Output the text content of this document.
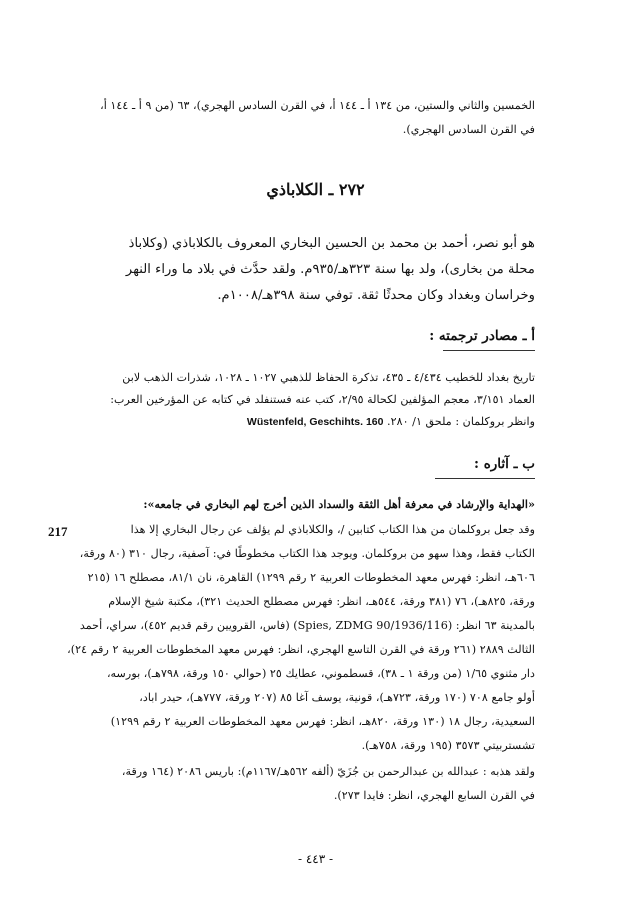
الخمسين والثاني والستين، من ١٣٤ أ ـ ١٤٤ أ، في القرن السادس الهجري)، ٦٣ (من ٩ أ ـ ١٤٤ أ،
في القرن السادس الهجري).
٢٧٢ ـ الكلاباذي
هو أبو نصر، أحمد بن محمد بن الحسين البخاري المعروف بالكلاباذي (وكلاباذ
محلة من بخارى)، ولد بها سنة ٣٢٣هـ/٩٣٥م. ولقد حدَّث في بلاد ما وراء النهر
وخراسان وبغداد وكان محدثًا ثقة. توفي سنة ٣٩٨هـ/١٠٠٨م.
أ ـ مصادر ترجمته :
تاريخ بغداد للخطيب ٤/٤٣٤ ـ ٤٣٥، تذكرة الحفاظ للذهبي ١٠٢٧ ـ ١٠٢٨، شذرات الذهب لابن
العماد ٣/١٥١، معجم المؤلفين لكحالة ٢/٩٥، كتب عنه فستنفلد في كتابه عن المؤرخين العرب:
وانظر بروكلمان : ملحق ١/ ٢٨٠. Wüstenfeld, Geschihts. 160
ب ـ آثاره :
217
«الهداية والإرشاد في معرفة أهل الثقة والسداد الذين أخرج لهم البخاري في جامعه»:
وقد جعل بروكلمان من هذا الكتاب كتابين /، والكلاباذي لم يؤلف عن رجال البخاري إلا هذا
الكتاب فقط، وهذا سهو من بروكلمان. ويوجد هذا الكتاب مخطوطًا في: آصفية، رجال ٣١٠ (٨٠ ورقة،
٦٠٦هـ، انظر: فهرس معهد المخطوطات العربية ٢ رقم ١٢٩٩) القاهرة، نان ٨١/١، مصطلح ١٦ (٢١٥
ورقة، ٨٢٥هـ)، ٧٦ (٣٨١ ورقة، ٥٤٤هـ، انظر: فهرس مصطلح الحديث ٣٢١)، مكتبة شيخ الإسلام
بالمدينة ٦٣ انظر: (Spies, ZDMG 90/1936/116) (فاس، القرويين رقم قديم ٤٥٢)، سراي، أحمد
الثالث ٢٨٨٩ (٢٦١ ورقة في القرن التاسع الهجري، انظر: فهرس معهد المخطوطات العربية ٢ رقم ٢٤)،
دار مثنوي ١/٦٥ (من ورقة ١ ـ ٣٨)، قسطموني، عطايك ٢٥ (حوالي ١٥٠ ورقة، ٧٩٨هـ)، بورسه،
أولو جامع ٧٠٨ (١٧٠ ورقة، ٧٢٣هـ)، قونية، يوسف آغا ٨٥ (٢٠٧ ورقة، ٧٧٧هـ)، حيدر اباد،
السعيدية، رجال ١٨ (١٣٠ ورقة، ٨٢٠هـ، انظر: فهرس معهد المخطوطات العربية ٢ رقم ١٢٩٩)
تشستربيتي ٣٥٧٣ (١٩٥ ورقة، ٧٥٨هـ).
ولقد هذبه : عبدالله بن عبدالرحمن بن جُزَيّ (ألفه ٥٦٢هـ/١١٦٧م): باريس ٢٠٨٦ (١٦٤ ورقة،
في القرن السابع الهجري، انظر: فايدا ٢٧٣).
- ٤٤٣ -
